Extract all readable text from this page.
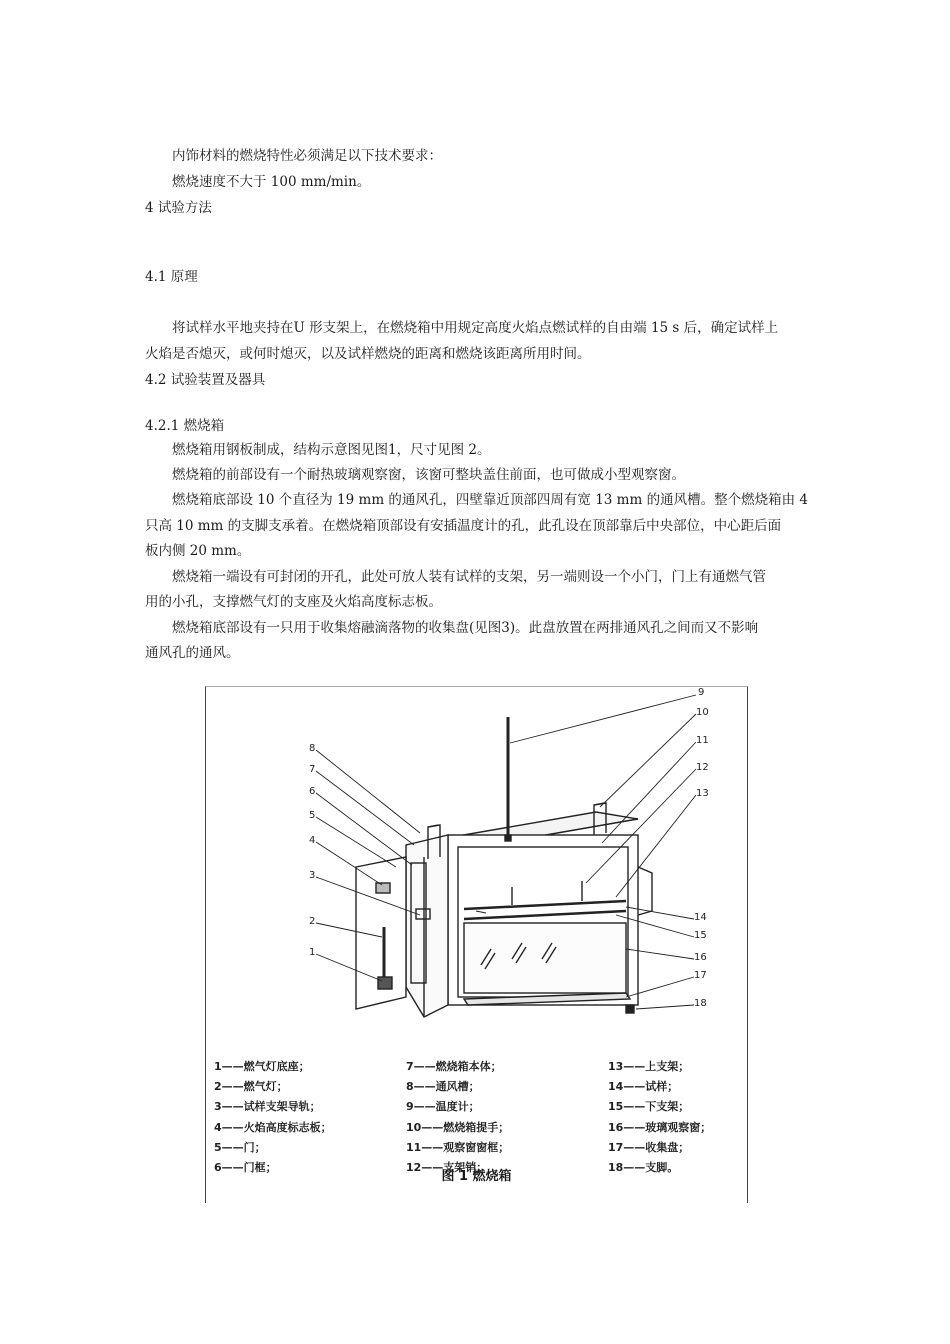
内饰材料的燃烧特性必须满足以下技术要求：
燃烧速度不大于 100 mm/min。
4 试验方法
4.1 原理
将试样水平地夹持在U 形支架上，在燃烧箱中用规定高度火焰点燃试样的自由端 15 s 后，确定试样上
火焰是否熄灭，或何时熄灭，以及试样燃烧的距离和燃烧该距离所用时间。
4.2 试验装置及器具
4.2.1 燃烧箱
燃烧箱用钢板制成，结构示意图见图1，尺寸见图 2。
燃烧箱的前部设有一个耐热玻璃观察窗，该窗可整块盖住前面，也可做成小型观察窗。
燃烧箱底部设 10 个直径为 19 mm 的通风孔，四壁靠近顶部四周有宽 13 mm 的通风槽。整个燃烧箱由 4
只高 10 mm 的支脚支承着。在燃烧箱顶部设有安插温度计的孔，此孔设在顶部靠后中央部位，中心距后面
板内侧 20 mm。
燃烧箱一端设有可封闭的开孔，此处可放人装有试样的支架，另一端则设一个小门，门上有通燃气管
用的小孔，支撑燃气灯的支座及火焰高度标志板。
燃烧箱底部设有一只用于收集熔融滴落物的收集盘(见图3)。此盘放置在两排通风孔之间而又不影响
通风孔的通风。
8
7
6
5
4
3
2
1
9
10
11
12
13
14
15
16
17
18
1——燃气灯底座；
2——燃气灯；
3——试样支架导轨；
4——火焰高度标志板；
5——门；
6——门框；
7——燃烧箱本体；
8——通风槽；
9——温度计；
10——燃烧箱提手；
11——观察窗窗框；
12——支架销；
13——上支架；
14——试样；
15——下支架；
16——玻璃观察窗；
17——收集盘；
18——支脚。
图 1 燃烧箱
